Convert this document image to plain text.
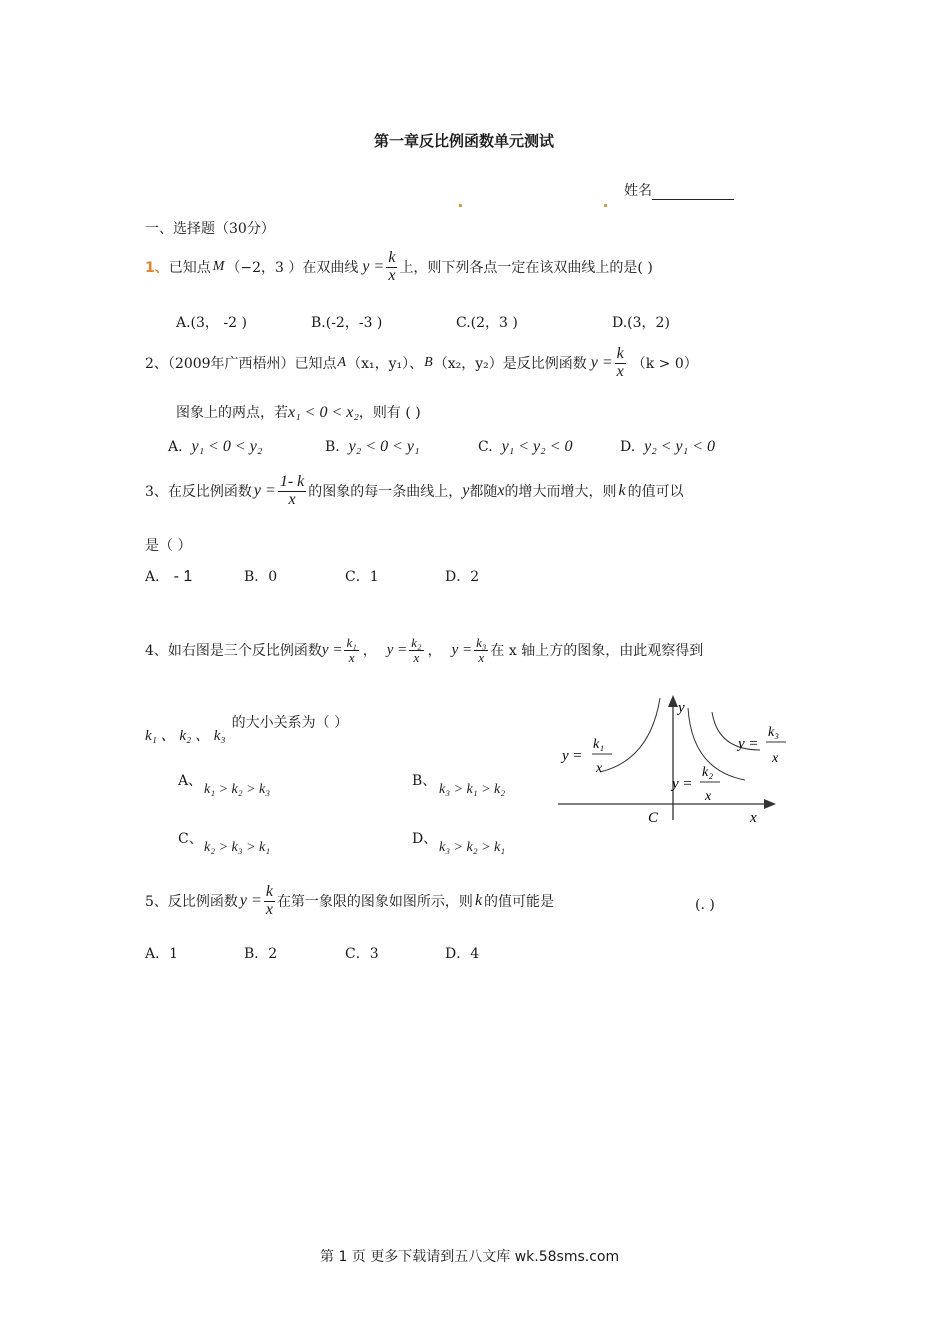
第一章反比例函数单元测试
姓名
一、选择题（30分）
1、 已知点 M （−2，3 ）在双曲线 $y = \frac{k}{x}$ 上，则下列各点一定在该双曲线上的是( )
A.(3， -2 )	B.(-2，-3 )	C.(2，3 )	D.(3，2)
2、（2009年广西梧州）已知点 A （x₁，y₁）、 B （x₂，y₂）是反比例函数 $y = \frac{k}{x} (k > 0)$
图象上的两点，若x₁ < 0 < x₂，则有 ( )
A. y₁ < 0 < y₂	B. y₂ < 0 < y₁	C. y₁ < y₂ < 0	D. y₂ < y₁ < 0
3、在反比例函数 $y = \frac{1- k}{x}$ 的图象的每一条曲线上， y 都随 x 的增大而增大，则 k 的值可以
是（ ）
A． - 1	B．0	C．1	D．2
4、如右图是三个反比例函数 $y = \frac{\text{k₁}}{x}$ ， $y = \frac{\text{k₂}}{x}$ ， $y = \frac{\text{k₃}}{x}$ 在 x 轴上方的图象，由此观察得到
k₁ 、 k₂ 、 k₃
的大小关系为（ ）
A、
k₁ > k₂ > k₃
B、
k₃ > k₁ > k₂
C、
k₂ > k₃ > k₁
D、
k₃ > k₂ > k₁
y
x
C
y =
k₁
x
y =
k₂
x
y =
k₃
x
5、反比例函数 $y = \frac{k}{x}$ 在第一象限的图象如图所示，则 k 的值可能是	(. )
A．1	B．2	C．3	D．4
第 1 页 更多下载请到五八文库 wk.58sms.com
